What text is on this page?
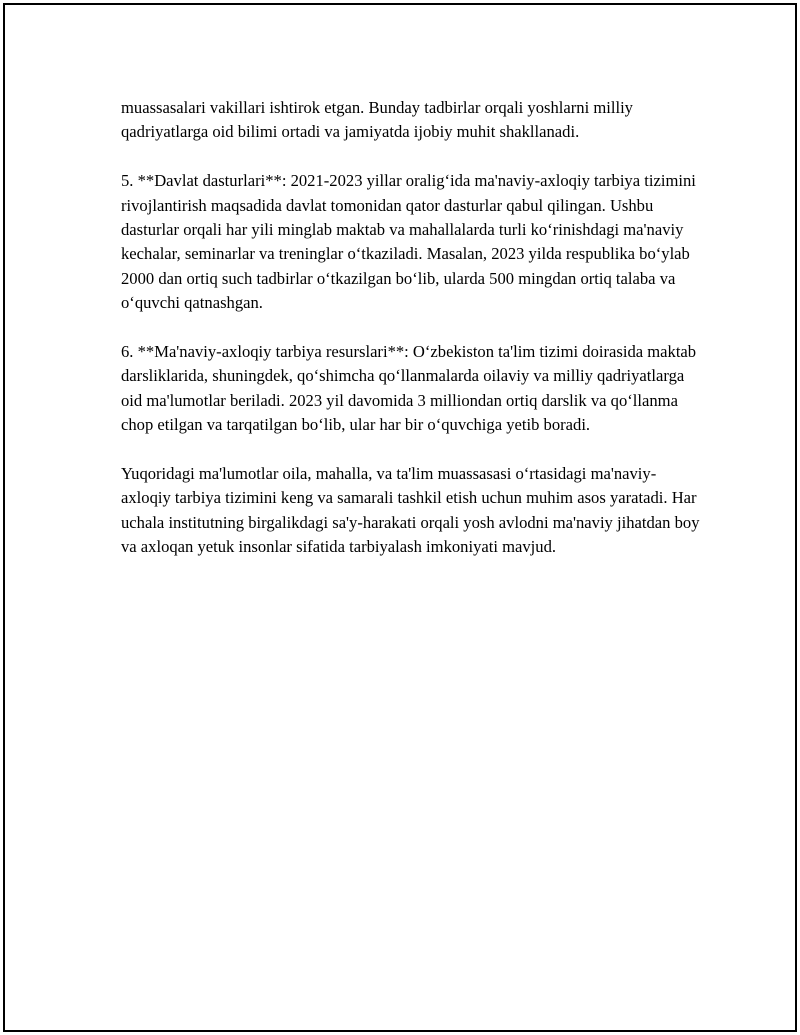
muassasalari vakillari ishtirok etgan. Bunday tadbirlar orqali yoshlarni milliy qadriyatlarga oid bilimi ortadi va jamiyatda ijobiy muhit shakllanadi.

5. **Davlat dasturlari**: 2021-2023 yillar oralig‘ida ma'naviy-axloqiy tarbiya tizimini rivojlantirish maqsadida davlat tomonidan qator dasturlar qabul qilingan. Ushbu dasturlar orqali har yili minglab maktab va mahallalarda turli ko‘rinishdagi ma'naviy kechalar, seminarlar va treninglar o‘tkaziladi. Masalan, 2023 yilda respublika bo‘ylab 2000 dan ortiq such tadbirlar o‘tkazilgan bo‘lib, ularda 500 mingdan ortiq talaba va o‘quvchi qatnashgan.

6. **Ma'naviy-axloqiy tarbiya resurslari**: O‘zbekiston ta'lim tizimi doirasida maktab darsliklarida, shuningdek, qo‘shimcha qo‘llanmalarda oilaviy va milliy qadriyatlarga oid ma'lumotlar beriladi. 2023 yil davomida 3 milliondan ortiq darslik va qo‘llanma chop etilgan va tarqatilgan bo‘lib, ular har bir o‘quvchiga yetib boradi.

Yuqoridagi ma'lumotlar oila, mahalla, va ta'lim muassasasi o‘rtasidagi ma'naviy-axloqiy tarbiya tizimini keng va samarali tashkil etish uchun muhim asos yaratadi. Har uchala institutning birgalikdagi sa'y-harakati orqali yosh avlodni ma'naviy jihatdan boy va axloqan yetuk insonlar sifatida tarbiyalash imkoniyati mavjud.
